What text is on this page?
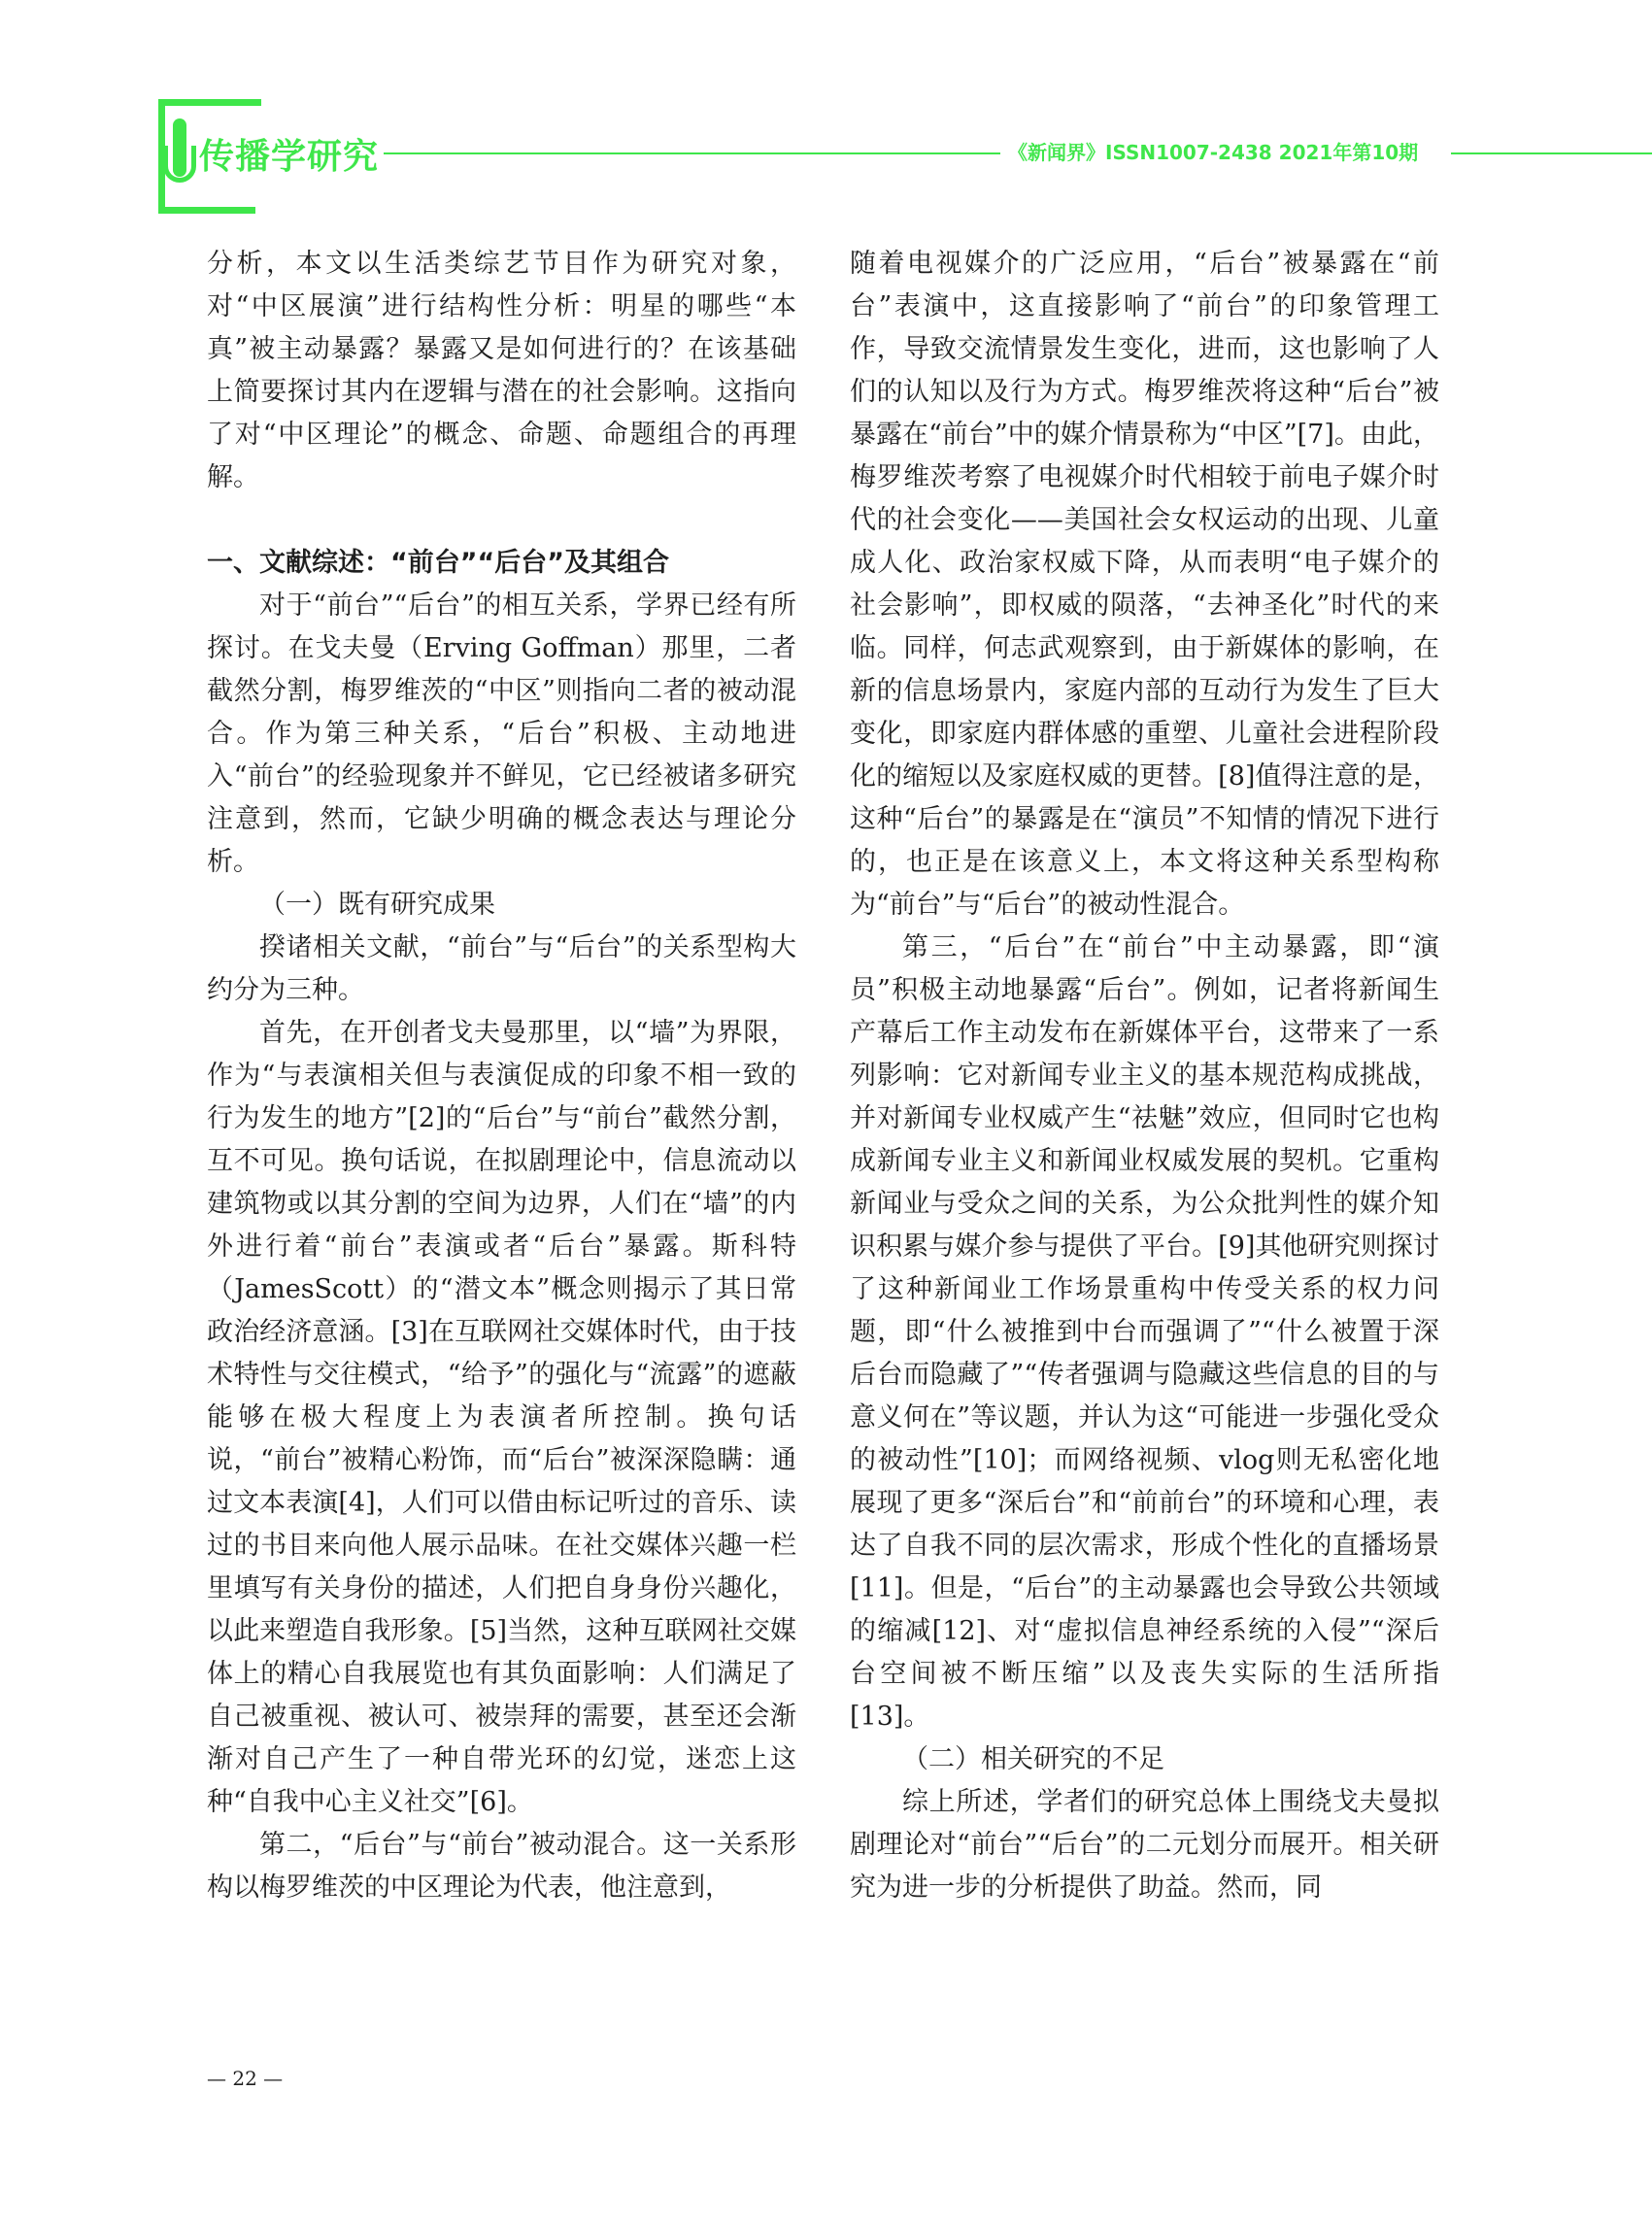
传播学研究	《新闻界》ISSN1007-2438 2021年第10期

分析，本文以生活类综艺节目作为研究对象，对“中区展演”进行结构性分析：明星的哪些“本真”被主动暴露？暴露又是如何进行的？在该基础上简要探讨其内在逻辑与潜在的社会影响。这指向了对“中区理论”的概念、命题、命题组合的再理解。

一、文献综述：“前台”“后台”及其组合

对于“前台”“后台”的相互关系，学界已经有所探讨。在戈夫曼（Erving Goffman）那里，二者截然分割，梅罗维茨的“中区”则指向二者的被动混合。作为第三种关系，“后台”积极、主动地进入“前台”的经验现象并不鲜见，它已经被诸多研究注意到，然而，它缺少明确的概念表达与理论分析。

（一）既有研究成果

揆诸相关文献，“前台”与“后台”的关系型构大约分为三种。

首先，在开创者戈夫曼那里，以“墙”为界限，作为“与表演相关但与表演促成的印象不相一致的行为发生的地方”[2]的“后台”与“前台”截然分割，互不可见。换句话说，在拟剧理论中，信息流动以建筑物或以其分割的空间为边界，人们在“墙”的内外进行着“前台”表演或者“后台”暴露。斯科特（JamesScott）的“潜文本”概念则揭示了其日常政治经济意涵。[3]在互联网社交媒体时代，由于技术特性与交往模式，“给予”的强化与“流露”的遮蔽能够在极大程度上为表演者所控制。换句话说，“前台”被精心粉饰，而“后台”被深深隐瞒：通过文本表演[4]，人们可以借由标记听过的音乐、读过的书目来向他人展示品味。在社交媒体兴趣一栏里填写有关身份的描述，人们把自身身份兴趣化，以此来塑造自我形象。[5]当然，这种互联网社交媒体上的精心自我展览也有其负面影响：人们满足了自己被重视、被认可、被崇拜的需要，甚至还会渐渐对自己产生了一种自带光环的幻觉，迷恋上这种“自我中心主义社交”[6]。

第二，“后台”与“前台”被动混合。这一关系形构以梅罗维茨的中区理论为代表，他注意到，

随着电视媒介的广泛应用，“后台”被暴露在“前台”表演中，这直接影响了“前台”的印象管理工作，导致交流情景发生变化，进而，这也影响了人们的认知以及行为方式。梅罗维茨将这种“后台”被暴露在“前台”中的媒介情景称为“中区”[7]。由此，梅罗维茨考察了电视媒介时代相较于前电子媒介时代的社会变化——美国社会女权运动的出现、儿童成人化、政治家权威下降，从而表明“电子媒介的社会影响”，即权威的陨落，“去神圣化”时代的来临。同样，何志武观察到，由于新媒体的影响，在新的信息场景内，家庭内部的互动行为发生了巨大变化，即家庭内群体感的重塑、儿童社会进程阶段化的缩短以及家庭权威的更替。[8]值得注意的是，这种“后台”的暴露是在“演员”不知情的情况下进行的，也正是在该意义上，本文将这种关系型构称为“前台”与“后台”的被动性混合。

第三，“后台”在“前台”中主动暴露，即“演员”积极主动地暴露“后台”。例如，记者将新闻生产幕后工作主动发布在新媒体平台，这带来了一系列影响：它对新闻专业主义的基本规范构成挑战，并对新闻专业权威产生“祛魅”效应，但同时它也构成新闻专业主义和新闻业权威发展的契机。它重构新闻业与受众之间的关系，为公众批判性的媒介知识积累与媒介参与提供了平台。[9]其他研究则探讨了这种新闻业工作场景重构中传受关系的权力问题，即“什么被推到中台而强调了”“什么被置于深后台而隐藏了”“传者强调与隐藏这些信息的目的与意义何在”等议题，并认为这“可能进一步强化受众的被动性”[10]；而网络视频、vlog则无私密化地展现了更多“深后台”和“前前台”的环境和心理，表达了自我不同的层次需求，形成个性化的直播场景[11]。但是，“后台”的主动暴露也会导致公共领域的缩减[12]、对“虚拟信息神经系统的入侵”“深后台空间被不断压缩”以及丧失实际的生活所指[13]。

（二）相关研究的不足

综上所述，学者们的研究总体上围绕戈夫曼拟剧理论对“前台”“后台”的二元划分而展开。相关研究为进一步的分析提供了助益。然而，同

— 22 —
